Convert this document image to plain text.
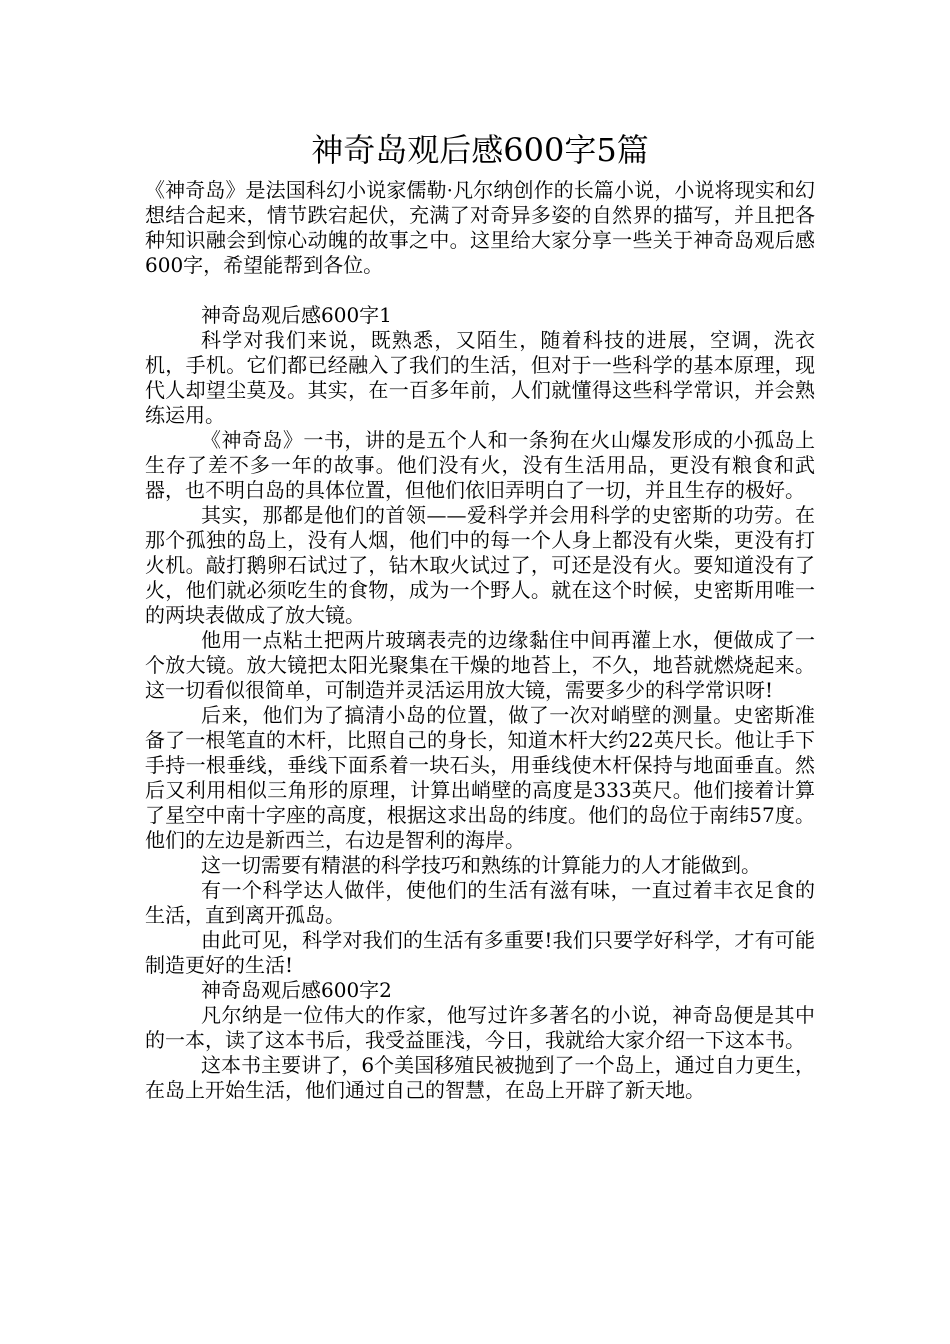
神奇岛观后感600字5篇

《神奇岛》是法国科幻小说家儒勒·凡尔纳创作的长篇小说，小说将现实和幻想结合起来，情节跌宕起伏，充满了对奇异多姿的自然界的描写，并且把各种知识融会到惊心动魄的故事之中。这里给大家分享一些关于神奇岛观后感600字，希望能帮到各位。

神奇岛观后感600字1

科学对我们来说，既熟悉，又陌生，随着科技的进展，空调，洗衣机，手机。它们都已经融入了我们的生活，但对于一些科学的基本原理，现代人却望尘莫及。其实，在一百多年前，人们就懂得这些科学常识，并会熟练运用。

《神奇岛》一书，讲的是五个人和一条狗在火山爆发形成的小孤岛上生存了差不多一年的故事。他们没有火，没有生活用品，更没有粮食和武器，也不明白岛的具体位置，但他们依旧弄明白了一切，并且生存的极好。

其实，那都是他们的首领——爱科学并会用科学的史密斯的功劳。在那个孤独的岛上，没有人烟，他们中的每一个人身上都没有火柴，更没有打火机。敲打鹅卵石试过了，钻木取火试过了，可还是没有火。要知道没有了火，他们就必须吃生的食物，成为一个野人。就在这个时候，史密斯用唯一的两块表做成了放大镜。

他用一点粘土把两片玻璃表壳的边缘黏住中间再灌上水，便做成了一个放大镜。放大镜把太阳光聚集在干燥的地苔上，不久，地苔就燃烧起来。这一切看似很简单，可制造并灵活运用放大镜，需要多少的科学常识呀!

后来，他们为了搞清小岛的位置，做了一次对峭壁的测量。史密斯准备了一根笔直的木杆，比照自己的身长，知道木杆大约22英尺长。他让手下手持一根垂线，垂线下面系着一块石头，用垂线使木杆保持与地面垂直。然后又利用相似三角形的原理，计算出峭壁的高度是333英尺。他们接着计算了星空中南十字座的高度，根据这求出岛的纬度。他们的岛位于南纬57度。他们的左边是新西兰，右边是智利的海岸。

这一切需要有精湛的科学技巧和熟练的计算能力的人才能做到。

有一个科学达人做伴，使他们的生活有滋有味，一直过着丰衣足食的生活，直到离开孤岛。

由此可见，科学对我们的生活有多重要!我们只要学好科学，才有可能制造更好的生活!

神奇岛观后感600字2

凡尔纳是一位伟大的作家，他写过许多著名的小说，神奇岛便是其中的一本，读了这本书后，我受益匪浅，今日，我就给大家介绍一下这本书。

这本书主要讲了，6个美国移殖民被抛到了一个岛上，通过自力更生，在岛上开始生活，他们通过自己的智慧，在岛上开辟了新天地。
